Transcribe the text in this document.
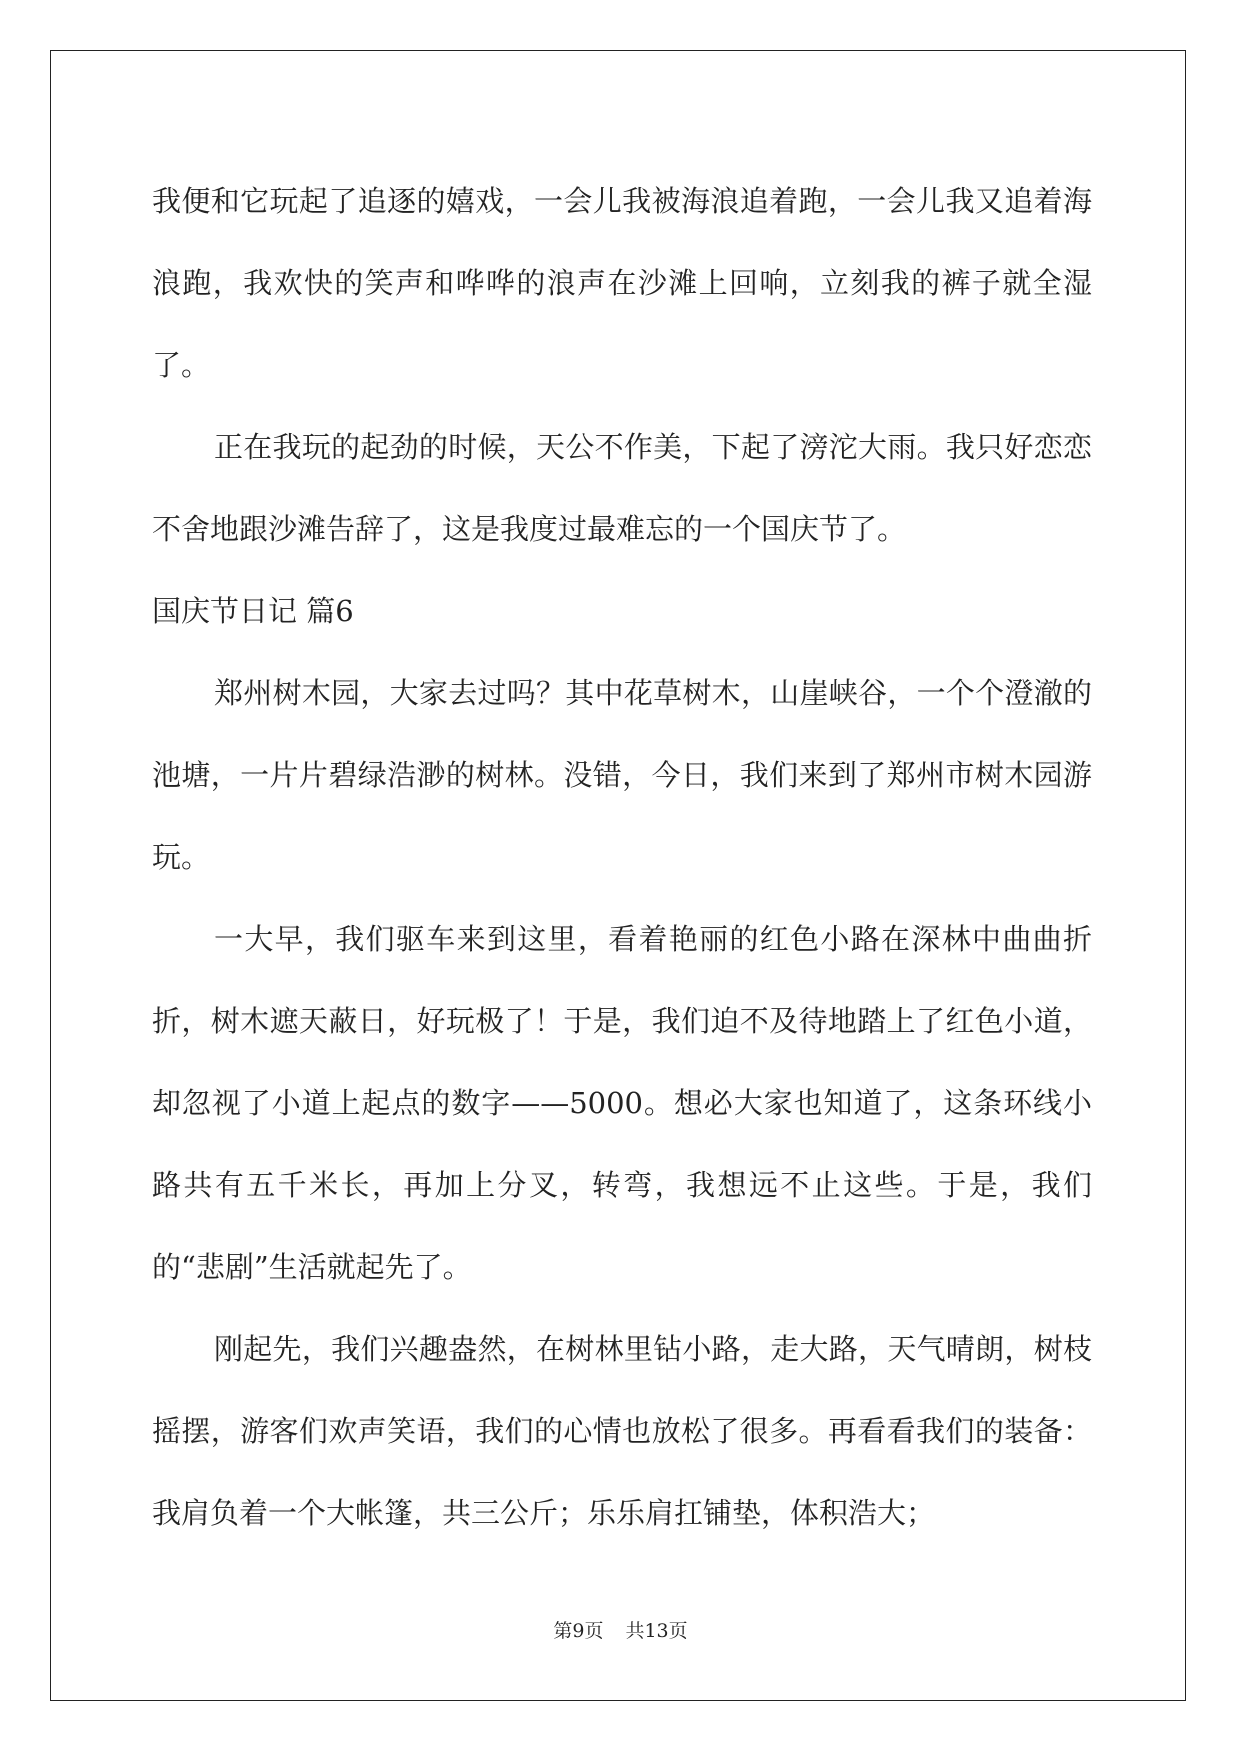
我便和它玩起了追逐的嬉戏，一会儿我被海浪追着跑，一会儿我又追着海浪跑，我欢快的笑声和哗哗的浪声在沙滩上回响，立刻我的裤子就全湿了。

正在我玩的起劲的时候，天公不作美，下起了滂沱大雨。我只好恋恋不舍地跟沙滩告辞了，这是我度过最难忘的一个国庆节了。

国庆节日记 篇6

郑州树木园，大家去过吗？其中花草树木，山崖峡谷，一个个澄澈的池塘，一片片碧绿浩渺的树林。没错，今日，我们来到了郑州市树木园游玩。

一大早，我们驱车来到这里，看着艳丽的红色小路在深林中曲曲折折，树木遮天蔽日，好玩极了！于是，我们迫不及待地踏上了红色小道，却忽视了小道上起点的数字——5000。想必大家也知道了，这条环线小路共有五千米长，再加上分叉，转弯，我想远不止这些。于是，我们的“悲剧”生活就起先了。

刚起先，我们兴趣盎然，在树林里钻小路，走大路，天气晴朗，树枝摇摆，游客们欢声笑语，我们的心情也放松了很多。再看看我们的装备：我肩负着一个大帐篷，共三公斤；乐乐肩扛铺垫，体积浩大；

第9页 共13页
